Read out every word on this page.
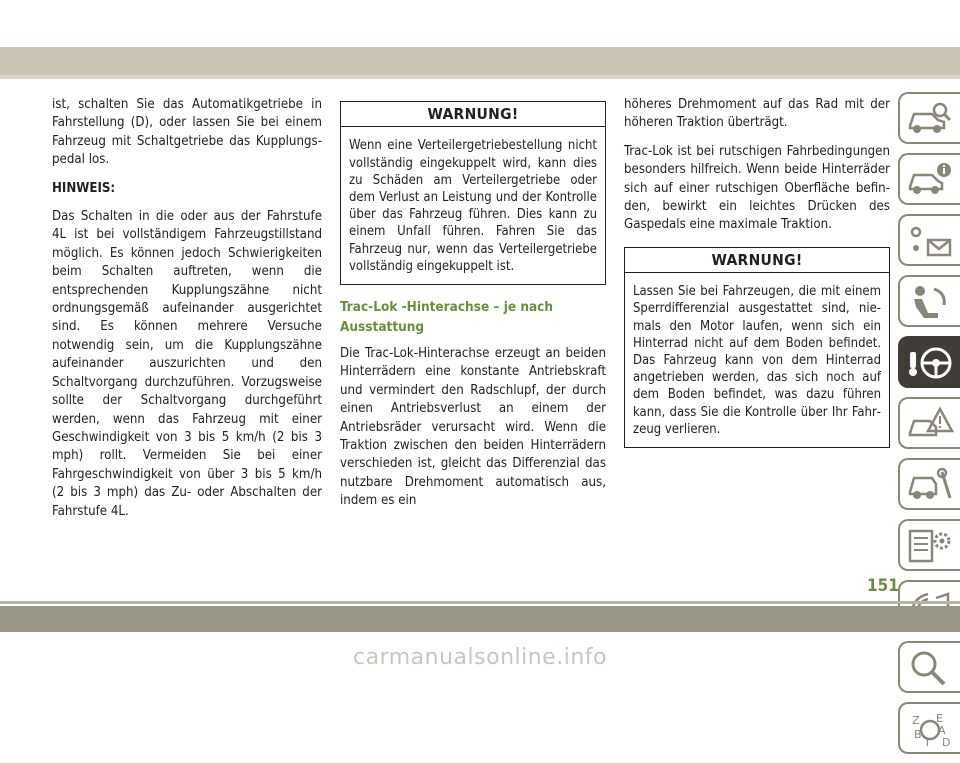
ist, schalten Sie das Automatikgetriebe in Fahrstellung (D), oder lassen Sie bei einem Fahrzeug mit Schaltgetriebe das Kupplungspedal los.

HINWEIS:

Das Schalten in die oder aus der Fahrstufe 4L ist bei vollständigem Fahrzeugstillstand möglich. Es können jedoch Schwierigkeiten beim Schalten auftreten, wenn die entsprechenden Kupplungszähne nicht ordnungsgemäß aufeinander ausgerichtet sind. Es können mehrere Versuche notwendig sein, um die Kupplungszähne aufeinander auszurichten und den Schaltvorgang durchzuführen. Vorzugsweise sollte der Schaltvorgang durchgeführt werden, wenn das Fahrzeug mit einer Geschwindigkeit von 3 bis 5 km/h (2 bis 3 mph) rollt. Vermeiden Sie bei einer Fahrgeschwindigkeit von über 3 bis 5 km/h (2 bis 3 mph) das Zu- oder Abschalten der Fahrstufe 4L.

WARNUNG!
Wenn eine Verteilergetriebestellung nicht vollständig eingekuppelt wird, kann dies zu Schäden am Verteilergetriebe oder dem Verlust an Leistung und der Kontrolle über das Fahrzeug führen. Dies kann zu einem Unfall führen. Fahren Sie das Fahrzeug nur, wenn das Verteilergetriebe vollständig eingekuppelt ist.
Trac-Lok -Hinterachse – je nach Ausstattung

Die Trac-Lok-Hinterachse erzeugt an beiden Hinterrädern eine konstante Antriebskraft und vermindert den Radschlupf, der durch einen Antriebsverlust an einem der Antriebsräder verursacht wird. Wenn die Traktion zwischen den beiden Hinterrädern verschieden ist, gleicht das Differenzial das nutzbare Drehmoment automatisch aus, indem es ein

höheres Drehmoment auf das Rad mit der höheren Traktion überträgt.

Trac-Lok ist bei rutschigen Fahrbedingungen besonders hilfreich. Wenn beide Hinterräder sich auf einer rutschigen Oberfläche befinden, bewirkt ein leichtes Drücken des Gaspedals eine maximale Traktion.

WARNUNG!
Lassen Sie bei Fahrzeugen, die mit einem Sperrdifferenzial ausgestattet sind, niemals den Motor laufen, wenn sich ein Hinterrad nicht auf dem Boden befindet. Das Fahrzeug kann von dem Hinterrad angetrieben werden, das sich noch auf dem Boden befindet, was dazu führen kann, dass Sie die Kontrolle über Ihr Fahrzeug verlieren.
Z E
B A
T D
151
carmanualsonline.info
